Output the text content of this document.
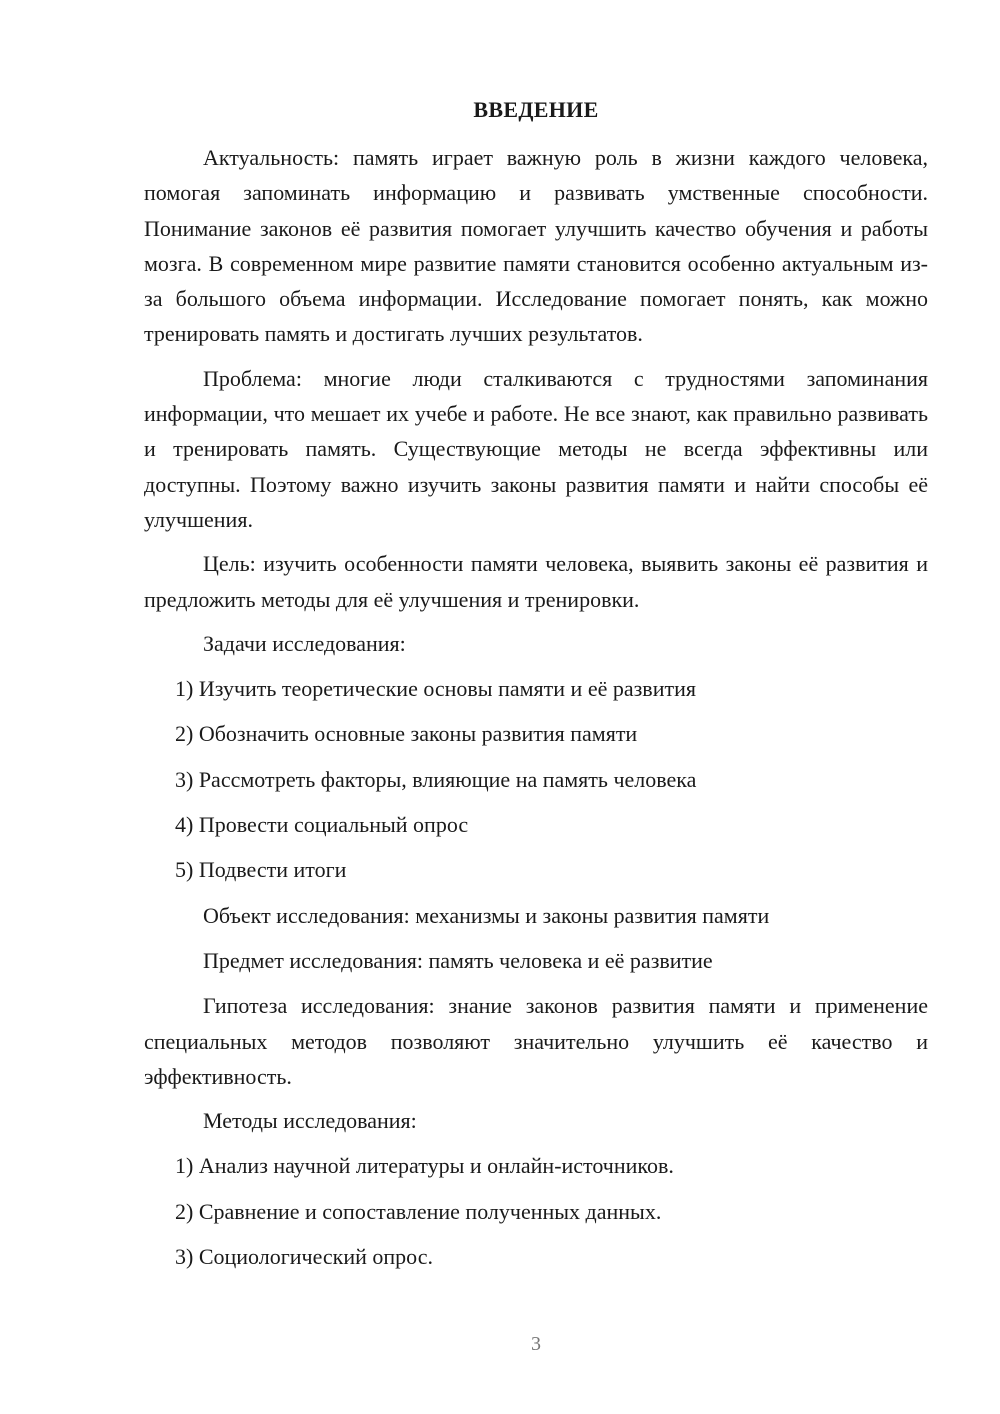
ВВЕДЕНИЕ

Актуальность: память играет важную роль в жизни каждого человека, помогая запоминать информацию и развивать умственные способности. Понимание законов её развития помогает улучшить качество обучения и работы мозга. В современном мире развитие памяти становится особенно актуальным из-за большого объема информации. Исследование помогает понять, как можно тренировать память и достигать лучших результатов.

Проблема: многие люди сталкиваются с трудностями запоминания информации, что мешает их учебе и работе. Не все знают, как правильно развивать и тренировать память. Существующие методы не всегда эффективны или доступны. Поэтому важно изучить законы развития памяти и найти способы её улучшения.

Цель: изучить особенности памяти человека, выявить законы её развития и предложить методы для её улучшения и тренировки.

Задачи исследования:
1) Изучить теоретические основы памяти и её развития
2) Обозначить основные законы развития памяти
3) Рассмотреть факторы, влияющие на память человека
4) Провести социальный опрос
5) Подвести итоги
Объект исследования: механизмы и законы развития памяти
Предмет исследования: память человека и её развитие

Гипотеза исследования: знание законов развития памяти и применение специальных методов позволяют значительно улучшить её качество и эффективность.

Методы исследования:
1) Анализ научной литературы и онлайн-источников.
2) Сравнение и сопоставление полученных данных.
3) Социологический опрос.
3
